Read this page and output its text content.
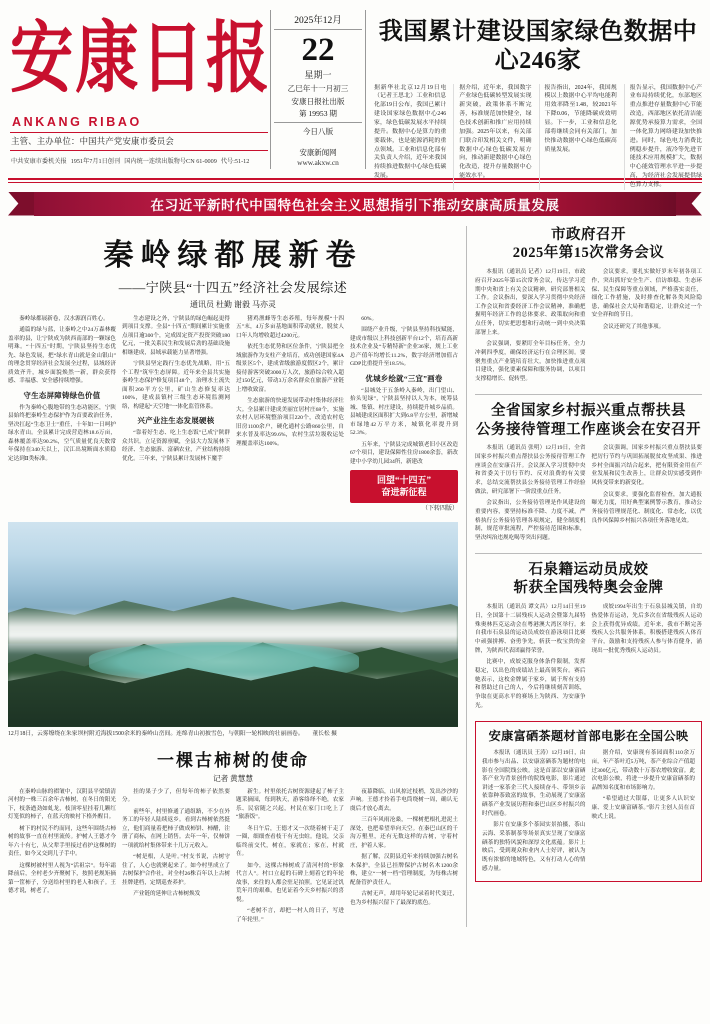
安康日报
ANKANG RIBAO
主管、主办单位：中国共产党安康市委员会
中共安康市委机关报 1951年7月1日创刊 国内统一连续出版物号CN 61-0009 代号:51-12
2025年12月
22
星期一
乙巳年十一月初三
安康日报社出版
第 19953 期
今日八版
安康新闻网
www.akxw.cn
我国累计建设国家绿色数据中心246家
据新华社北京12月19日电（记者王思北）工业和信息化部19日公布，我国已累计建设国家绿色数据中心246家，绿色低碳发展水平持续提升。数据中心是算力的重要载体，也是能源消耗的重点领域。工业和信息化部有关负责人介绍，近年来我国持续推进数据中心绿色低碳发展。
据介绍，近年来，我国数字产业绿色低碳转型发展实现新突破，政策体系不断完善，标准规范加快健全，绿色技术创新和推广应用持续加强。2025年以来，有关部门联合印发相关文件，明确数据中心绿色低碳发展方向，推动新建数据中心绿色化改造，提升存量数据中心能效水平。
报告指出，2024年，我国规模以上数据中心平均电能利用效率降至1.48，较2021年下降0.06，节能降碳成效明显。下一步，工业和信息化部将继续会同有关部门，加快推动数据中心绿色低碳高质量发展。
报告显示，我国数据中心产业布局持续优化，东部地区重点推进存量数据中心节能改造，西部地区依托清洁能源优势承接算力需求，全国一体化算力网络建设加快推进。同时，绿色电力消费比例稳步提升，液冷等先进节能技术应用规模扩大，数据中心能效管理水平进一步提高，为经济社会发展提供绿色算力支撑。
在习近平新时代中国特色社会主义思想指引下推动安康高质量发展
秦岭绿都展新卷
——宁陕县“十四五”经济社会发展综述
通讯员 杜勤 谢毅 马亦灵

秦岭绿都展新卷，汉水源润百姓心。

通篇的绿与蓝，让秦岭之中24万森林覆盖率的县，让宁陕成为陕西南部的一颗绿色明珠。“十四五”时期，宁陕县坚持生态优先、绿色发展，把“绿水青山就是金山银山”的理念贯穿经济社会发展全过程，县域经济质效齐升，城乡面貌焕然一新，群众获得感、幸福感、安全感持续增强。

守生态屏障铸绿色价值

作为秦岭心腹地带的生态功能区，宁陕县始终把秦岭生态保护作为首要政治任务，坚决扛起“生态卫士”重任，十年如一日呵护绿水青山。全县累计完成营造林18.6万亩，森林覆盖率达90.2%，空气质量优良天数常年保持在340天以上，汉江出境断面水质稳定达到Ⅱ类标准。

生态建设之外，宁陕县的绿色崛起更得到项目支撑。全县“十四五”期间累计实施重点项目逾300个，完成固定资产投资突破180亿元，一批关系民生和发展后劲的基础设施相继建成，县域承载能力显著增强。

宁陕县坚定践行生态优先战略，用“五个工程”筑牢生态屏障。近年来全县共实施秦岭生态保护修复项目48个，治理水土流失面积260平方公里，矿山生态修复率达100%，建成县镇村三级生态环境监测网络，构建起“天空地”一体化监管体系。

兴产业注生态发展硬核

“靠着好生态、吃上生态饭”已成宁陕群众共识。立足资源禀赋，全县大力发展林下经济、生态旅游、富硒农业，产业结构持续优化。三年来，宁陕县累计发展林下魔芋

猪鸡渔蜂等生态养殖，每年规模“十四五”末，4万多亩基地面积带动就业，脱贫人口年人均增收超过4200元。

依托生态优势和区位条件，宁陕县把全域旅游作为支柱产业培育，成功创建国家4A级景区5个，建成省级旅游度假区2个，累计接待游客突破3000万人次，旅游综合收入超过150亿元，带动3万余名群众在旅游产业链上增收致富。

生态旅游的快速发展带动村集体经济壮大。全县累计建成美丽宜居村庄68个，实施农村人居环境整治项目220个，改造农村危旧房1100余户，硬化通村公路860公里，自来水普及率达99.6%，农村生活垃圾收运处理覆盖率达100%。

60%。

围绕产业升级，宁陕县坚持科技赋能，建成市级以上科技创新平台12个，培育高新技术企业及“专精特新”企业36家，规上工业总产值年均增长11.2%，数字经济增加值占GDP比重提升至18.5%。

优城乡绘就“三宜”画卷

“县城处于五条岭入秦岭，出门望山、抬头见绿”，宁陕县坚持以人为本，统筹县城、集镇、村庄建设，持续提升城乡品质。县城建成区面积扩大到6.8平方公里，新增城市绿地42万平方米，城镇化率提升到52.3%。

五年来，宁陕县完成城镇老旧小区改造67个项目，建设保障性住房1800余套，新改建中小学幼儿园34所，新建改

回望“十四五”
奋进新征程
（下转四版）
12月18日，云雾缭绕在朱家坝村附近海拔1500余米的秦岭山峦间。连绵青山初披雪色，与朝阳一轮相映的壮丽画卷。　　董长松 摄
一棵古柿树的使命
记者 黄慧慧

在秦岭山脉的褶皱中，汉阴县平梁镇清河村的一株三百余年古柿树，在冬日的阳光下，枝条遒劲如虬龙，枝顶零星挂着几颗红灯笼似的柿子，在蓝天的映衬下格外醒目。

树下的村民不约而同，这些年围绕古柿树的故事一直在村里流传。护树人王德才今年六十有七，从父辈手里接过看护这棵树的责任，如今又交到儿子手中。

这棵树被村里人视为“活祖宗”。每年霜降前后，全村老少齐聚树下，按照老规矩摘第一筐柿子，分送给村里的老人和孩子。王德才说，树老了，

挂的果子少了，但每年的柿子依然要分。

前些年，村里修通了通组路，不少在外务工的年轻人陆续返乡。看到古柿树依然挺立，他们商量着把柿子做成柿饼、柿醋，注册了商标，在网上销售。去年一年，仅柿饼一项就给村集体带来十几万元收入。

“树是根，人是叶。”村支书说，古树守住了，人心也就聚起来了。如今村里成立了古树保护合作社，对全村26株百年以上古树挂牌建档，定期巡查养护。

产业链的延伸让古柿树焕发

新生。村里依托古树资源建起了柿子主题采摘园，每到秋天，游客络绎不绝，农家乐、民宿随之兴起，村民在家门口吃上了“旅游饭”。

冬日午后，王德才又一次绕着树干走了一圈，细细查看枝干有无虫蛀。他说，父亲临终前交代，树在，家就在；家在，村就在。

如今，这棵古柿树成了清河村的“形象代言人”。村口立起的石碑上刻着它的年轮故事，来往的人都会驻足拍照。它见证过饥荒年月的艰难，也见证着今天乡村振兴的喜悦。

“老树不言，却把一村人的日子，写进了年轮里。”

夜幕降临，山风掠过枝梢，发出沙沙的声响。王德才拎着手电筒绕树一周，确认无虞后才放心离去。

三百年风雨沧桑，一棵树把根扎进泥土深处，也把希望举向天空。在秦巴山区的千沟万壑里，还有无数这样的古树，守着村庄，护着人家。

据了解，汉阴县近年来持续加强古树名木保护，全县已挂牌保护古树名木1200余株，建立“一树一档”管理制度，为每株古树配备管护责任人。

古树无声，却用年轮记录着时代变迁，也为乡村振兴留下了最深的底色。

市政府召开
2025年第15次常务会议

本报讯（通讯员 记者）12月19日，市政府召开2025年第15次常务会议，传达学习近期中央和省上有关会议精神，研究部署相关工作。会议指出，要深入学习贯彻中央经济工作会议和省委经济工作会议精神，准确把握明年经济工作的总体要求、政策取向和重点任务，切实把思想和行动统一到中央决策部署上来。

会议强调，要紧盯全年目标任务，全力冲刺四季度，确保经济运行在合理区间。要聚焦重点产业链培育壮大，加快推进重点项目建设，强化要素保障和服务协调，以项目支撑稳增长、促转型。

会议要求，要扎实做好岁末年初各项工作，突出抓好安全生产、信访维稳、生态环保、民生保障等重点领域，严格落实责任，细化工作措施，及时排查化解各类风险隐患，确保社会大局和谐稳定，让群众过一个安全祥和的节日。

会议还研究了其他事项。

全省国家乡村振兴重点帮扶县
公务接待管理工作座谈会在安召开

本报讯（通讯员 张明）12月19日，全省国家乡村振兴重点帮扶县公务接待管理工作座谈会在安康召开。会议深入学习贯彻中央和省委关于厉行节约、反对浪费的有关要求，总结交流帮扶县公务接待管理工作经验做法，研究部署下一阶段重点任务。

会议指出，公务接待管理是作风建设的重要内容，要坚持标准不降、力度不减，严格执行公务接待管理各项规定，健全制度机制，规范审批流程，严控接待范围和标准，坚决纠治违规吃喝等突出问题。

会议强调，国家乡村振兴重点帮扶县要把厉行节约与巩固拓展脱贫攻坚成果、推进乡村全面振兴结合起来，把有限资金用在产业发展和民生改善上，让群众切实感受到作风转变带来的新变化。

会议要求，要强化监督检查，加大通报曝光力度，用好典型案例警示教育，推动公务接待管理规范化、制度化、常态化，以优良作风保障乡村振兴各项任务落地见效。

石泉籍运动员成姣
斩获全国残特奥会金牌

本报讯（通讯员 谭文昌）12月14日至19日，全国第十二届残疾人运动会暨第九届特殊奥林匹克运动会在粤港澳大湾区举行。来自我市石泉县的运动员成姣在游泳项目比赛中顽强拼搏、奋勇争先，斩获一枚宝贵的金牌，为陕西代表团赢得荣誉。

比赛中，成姣克服身体条件限制，发挥稳定，以出色的成绩站上最高领奖台。赛后她表示，这枚金牌属于家乡，属于所有支持和帮助过自己的人，今后将继续刻苦训练，争取在更高水平的赛场上为陕西、为安康争光。

成姣1994年出生于石泉县城关镇，自幼热爱体育运动，先后多次在省级残疾人运动会上获得优异成绩。近年来，我市不断完善残疾人公共服务体系，积极搭建残疾人体育平台，鼓励和支持残疾人参与体育健身，涌现出一批优秀残疾人运动员。

安康富硒茶题材首部电影在全国公映

本报讯（通讯员 王涛）12月19日，由我市参与出品、以安康富硒茶为题材的电影在全国院线公映。这是首部以安康富硒茶产业为背景创作的院线电影，影片通过讲述一家茶企三代人接续奋斗、带领乡亲依靠种茶致富的故事，生动展现了安康富硒茶产业发展历程和秦巴山区乡村振兴的时代画卷。

影片在安康多个茶园实景拍摄，茶山云海、采茶制茶等场景真实呈现了安康富硒茶的独特风貌和深厚文化底蕴。影片上映后，受到观众和业内人士好评，被认为既有浓郁的地域特色，又有打动人心的情感力量。

据介绍，安康现有茶园面积110余万亩，年产茶叶近5万吨，茶产业综合产值超过300亿元，带动数十万茶农增收致富。此次电影公映，将进一步提升安康富硒茶的品牌知名度和市场影响力。

“希望通过大银幕，让更多人认识安康、爱上安康富硒茶。”影片主创人员在首映式上说。
